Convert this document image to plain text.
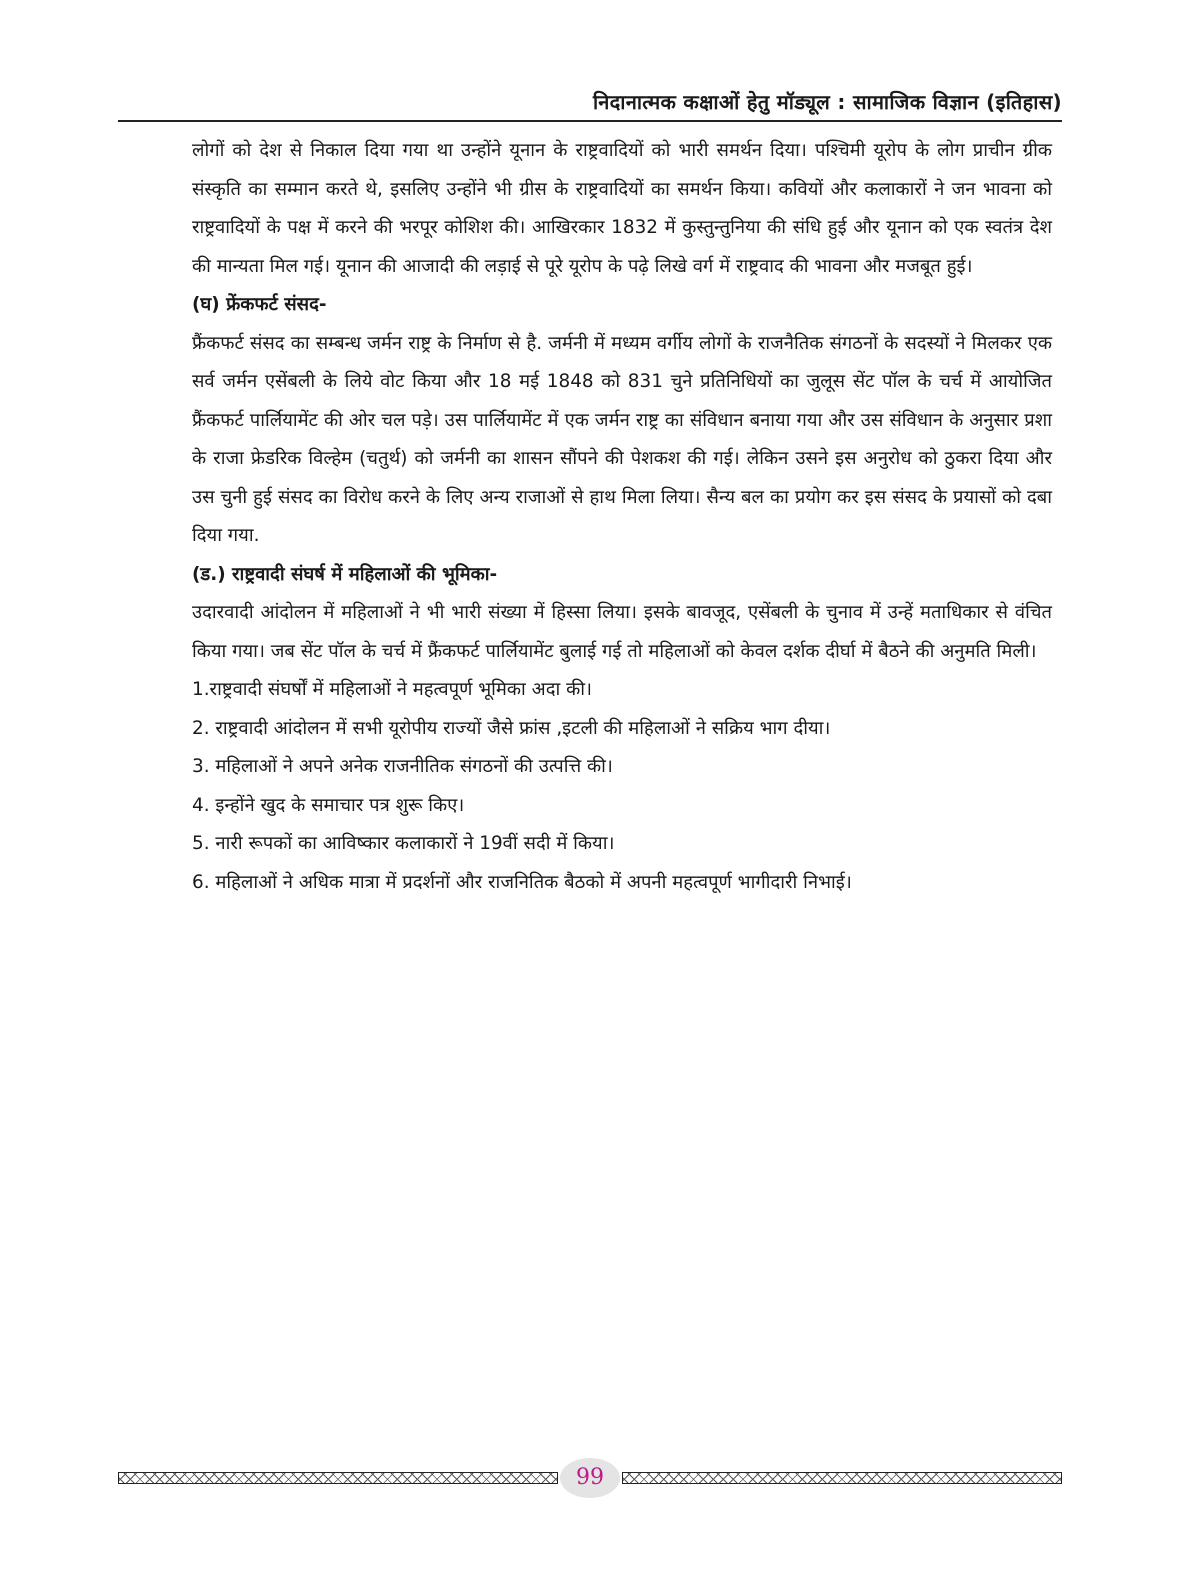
निदानात्मक कक्षाओं हेतु मॉड्यूल : सामाजिक विज्ञान (इतिहास)

लोगों को देश से निकाल दिया गया था उन्होंने यूनान के राष्ट्रवादियों को भारी समर्थन दिया। पश्चिमी यूरोप के लोग प्राचीन ग्रीक संस्कृति का सम्मान करते थे, इसलिए उन्होंने भी ग्रीस के राष्ट्रवादियों का समर्थन किया। कवियों और कलाकारों ने जन भावना को राष्ट्रवादियों के पक्ष में करने की भरपूर कोशिश की। आखिरकार 1832 में कुस्तुन्तुनिया की संधि हुई और यूनान को एक स्वतंत्र देश की मान्यता मिल गई। यूनान की आजादी की लड़ाई से पूरे यूरोप के पढ़े लिखे वर्ग में राष्ट्रवाद की भावना और मजबूत हुई।

(घ) फ्रेंकफर्ट संसद-

फ्रैंकफर्ट संसद का सम्बन्ध जर्मन राष्ट्र के निर्माण से है. जर्मनी में मध्यम वर्गीय लोगों के राजनैतिक संगठनों के सदस्यों ने मिलकर एक सर्व जर्मन एसेंबली के लिये वोट किया और 18 मई 1848 को 831 चुने प्रतिनिधियों का जुलूस सेंट पॉल के चर्च में आयोजित फ्रैंकफर्ट पार्लियामेंट की ओर चल पड़े। उस पार्लियामेंट में एक जर्मन राष्ट्र का संविधान बनाया गया और उस संविधान के अनुसार प्रशा के राजा फ्रेडरिक विल्हेम (चतुर्थ) को जर्मनी का शासन सौंपने की पेशकश की गई। लेकिन उसने इस अनुरोध को ठुकरा दिया और उस चुनी हुई संसद का विरोध करने के लिए अन्य राजाओं से हाथ मिला लिया। सैन्य बल का प्रयोग कर इस संसद के प्रयासों को दबा दिया गया.

(ड.) राष्ट्रवादी संघर्ष में महिलाओं की भूमिका-

उदारवादी आंदोलन में महिलाओं ने भी भारी संख्या में हिस्सा लिया। इसके बावजूद, एसेंबली के चुनाव में उन्हें मताधिकार से वंचित किया गया। जब सेंट पॉल के चर्च में फ्रैंकफर्ट पार्लियामेंट बुलाई गई तो महिलाओं को केवल दर्शक दीर्घा में बैठने की अनुमति मिली।

1.राष्ट्रवादी संघर्षों में महिलाओं ने महत्वपूर्ण भूमिका अदा की।
2. राष्ट्रवादी आंदोलन में सभी यूरोपीय राज्यों जैसे फ्रांस ,इटली की महिलाओं ने सक्रिय भाग दीया।
3. महिलाओं ने अपने अनेक राजनीतिक संगठनों की उत्पत्ति की।
4. इन्होंने खुद के समाचार पत्र शुरू किए।
5. नारी रूपकों का आविष्कार कलाकारों ने 19वीं सदी में किया।
6. महिलाओं ने अधिक मात्रा में प्रदर्शनों और राजनितिक बैठको में अपनी महत्वपूर्ण भागीदारी निभाई।
99
